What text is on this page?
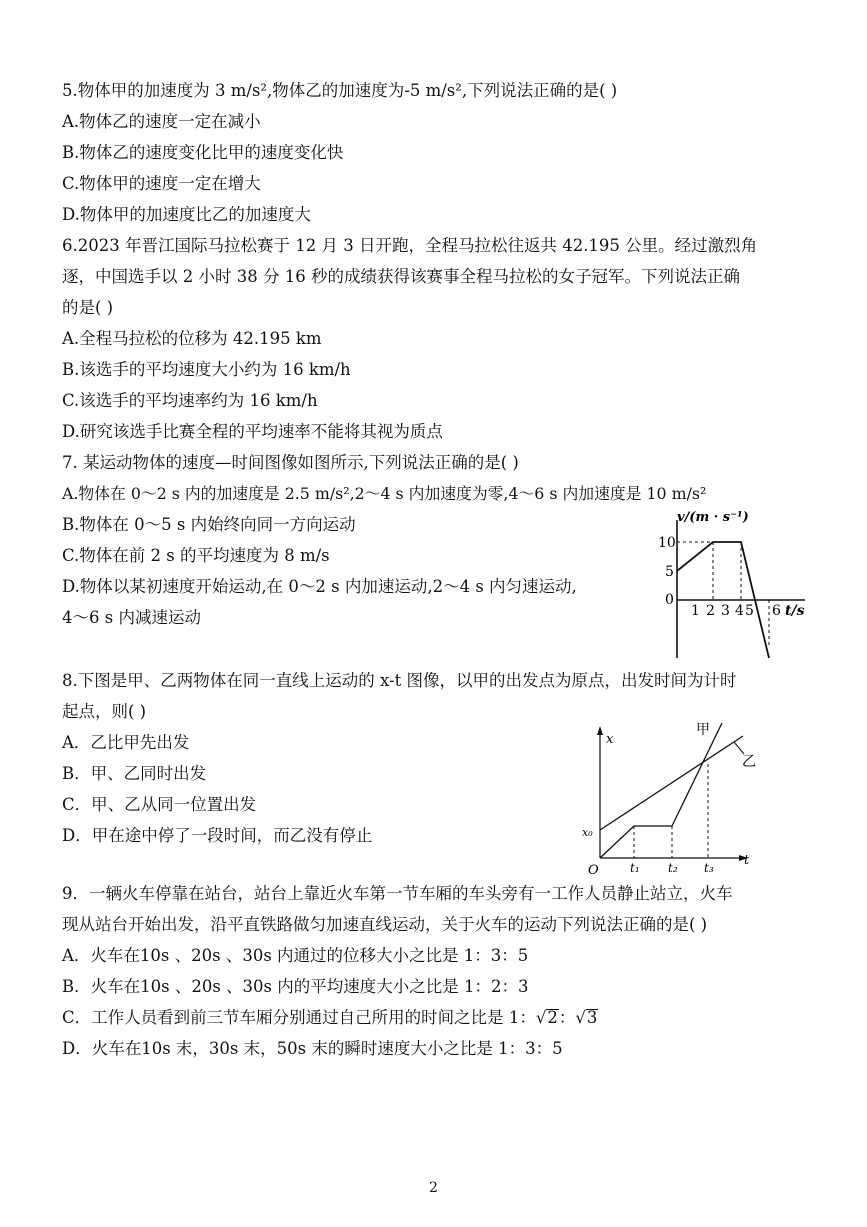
5.物体甲的加速度为 3 m/s²,物体乙的加速度为-5 m/s²,下列说法正确的是( )
A.物体乙的速度一定在减小
B.物体乙的速度变化比甲的速度变化快
C.物体甲的速度一定在增大
D.物体甲的加速度比乙的加速度大
6.2023 年晋江国际马拉松赛于 12 月 3 日开跑，全程马拉松往返共 42.195 公里。经过激烈角
逐，中国选手以 2 小时 38 分 16 秒的成绩获得该赛事全程马拉松的女子冠军。下列说法正确
的是( )
A.全程马拉松的位移为 42.195 km
B.该选手的平均速度大小约为 16 km/h
C.该选手的平均速率约为 16 km/h
D.研究该选手比赛全程的平均速率不能将其视为质点
7. 某运动物体的速度—时间图像如图所示,下列说法正确的是( )
A.物体在 0～2 s 内的加速度是 2.5 m/s²,2～4 s 内加速度为零,4～6 s 内加速度是 10 m/s²
B.物体在 0～5 s 内始终向同一方向运动
C.物体在前 2 s 的平均速度为 8 m/s
D.物体以某初速度开始运动,在 0～2 s 内加速运动,2～4 s 内匀速运动,
4～6 s 内减速运动
v/(m · s⁻¹)
10
5
0
1 2 3 4 5 6 t/s
8.下图是甲、乙两物体在同一直线上运动的 x-t 图像，以甲的出发点为原点，出发时间为计时
起点，则( )
A．乙比甲先出发
B．甲、乙同时出发
C．甲、乙从同一位置出发
D．甲在途中停了一段时间，而乙没有停止
x
x₀
O	t₁ t₂ t₃ t
甲
乙
9．一辆火车停靠在站台，站台上靠近火车第一节车厢的车头旁有一工作人员静止站立，火车
现从站台开始出发，沿平直铁路做匀加速直线运动，关于火车的运动下列说法正确的是( )
A．火车在10s 、20s 、30s 内通过的位移大小之比是 1：3：5
B．火车在10s 、20s 、30s 内的平均速度大小之比是 1：2：3
C．工作人员看到前三节车厢分别通过自己所用的时间之比是 1：√2：√3
D．火车在10s 末，30s 末，50s 末的瞬时速度大小之比是 1：3：5
2
